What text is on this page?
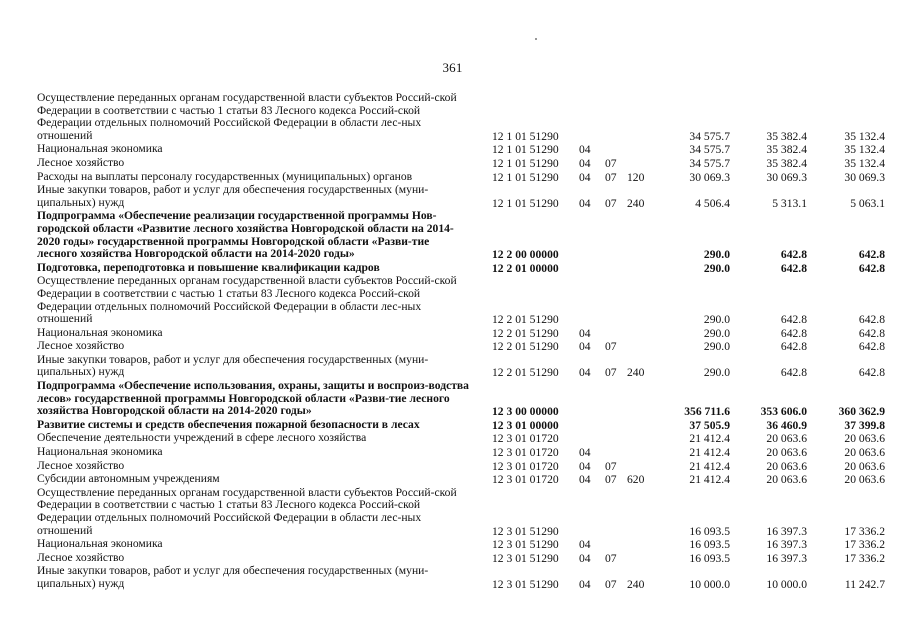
361
Осуществление переданных органам государственной власти субъектов Россий-ской Федерации в соответствии с частью 1 статьи 83 Лесного кодекса Россий-ской Федерации отдельных полномочий Российской Федерации в области лес-ных отношений	12 1 01 51290				34 575.7	35 382.4	35 132.4
Национальная экономика	12 1 01 51290	04			34 575.7	35 382.4	35 132.4
Лесное хозяйство	12 1 01 51290	04	07		34 575.7	35 382.4	35 132.4
Расходы на выплаты персоналу государственных (муниципальных) органов	12 1 01 51290	04	07	120	30 069.3	30 069.3	30 069.3
Иные закупки товаров, работ и услуг для обеспечения государственных (муни-ципальных) нужд	12 1 01 51290	04	07	240	4 506.4	5 313.1	5 063.1
Подпрограмма «Обеспечение реализации государственной программы Нов-городской области «Развитие лесного хозяйства Новгородской области на 2014-2020 годы» государственной программы Новгородской области «Разви-тие лесного хозяйства Новгородской области на 2014-2020 годы»	12 2 00 00000				290.0	642.8	642.8
Подготовка, переподготовка и повышение квалификации кадров	12 2 01 00000				290.0	642.8	642.8
Осуществление переданных органам государственной власти субъектов Россий-ской Федерации в соответствии с частью 1 статьи 83 Лесного кодекса Россий-ской Федерации отдельных полномочий Российской Федерации в области лес-ных отношений	12 2 01 51290				290.0	642.8	642.8
Национальная экономика	12 2 01 51290	04			290.0	642.8	642.8
Лесное хозяйство	12 2 01 51290	04	07		290.0	642.8	642.8
Иные закупки товаров, работ и услуг для обеспечения государственных (муни-ципальных) нужд	12 2 01 51290	04	07	240	290.0	642.8	642.8
Подпрограмма «Обеспечение использования, охраны, защиты и воспроиз-водства лесов» государственной программы Новгородской области «Разви-тие лесного хозяйства Новгородской области на 2014-2020 годы»	12 3 00 00000				356 711.6	353 606.0	360 362.9
Развитие системы и средств обеспечения пожарной безопасности в лесах	12 3 01 00000				37 505.9	36 460.9	37 399.8
Обеспечение деятельности учреждений в сфере лесного хозяйства	12 3 01 01720				21 412.4	20 063.6	20 063.6
Национальная экономика	12 3 01 01720	04			21 412.4	20 063.6	20 063.6
Лесное хозяйство	12 3 01 01720	04	07		21 412.4	20 063.6	20 063.6
Субсидии автономным учреждениям	12 3 01 01720	04	07	620	21 412.4	20 063.6	20 063.6
Осуществление переданных органам государственной власти субъектов Россий-ской Федерации в соответствии с частью 1 статьи 83 Лесного кодекса Россий-ской Федерации отдельных полномочий Российской Федерации в области лес-ных отношений	12 3 01 51290				16 093.5	16 397.3	17 336.2
Национальная экономика	12 3 01 51290	04			16 093.5	16 397.3	17 336.2
Лесное хозяйство	12 3 01 51290	04	07		16 093.5	16 397.3	17 336.2
Иные закупки товаров, работ и услуг для обеспечения государственных (муни-ципальных) нужд	12 3 01 51290	04	07	240	10 000.0	10 000.0	11 242.7
